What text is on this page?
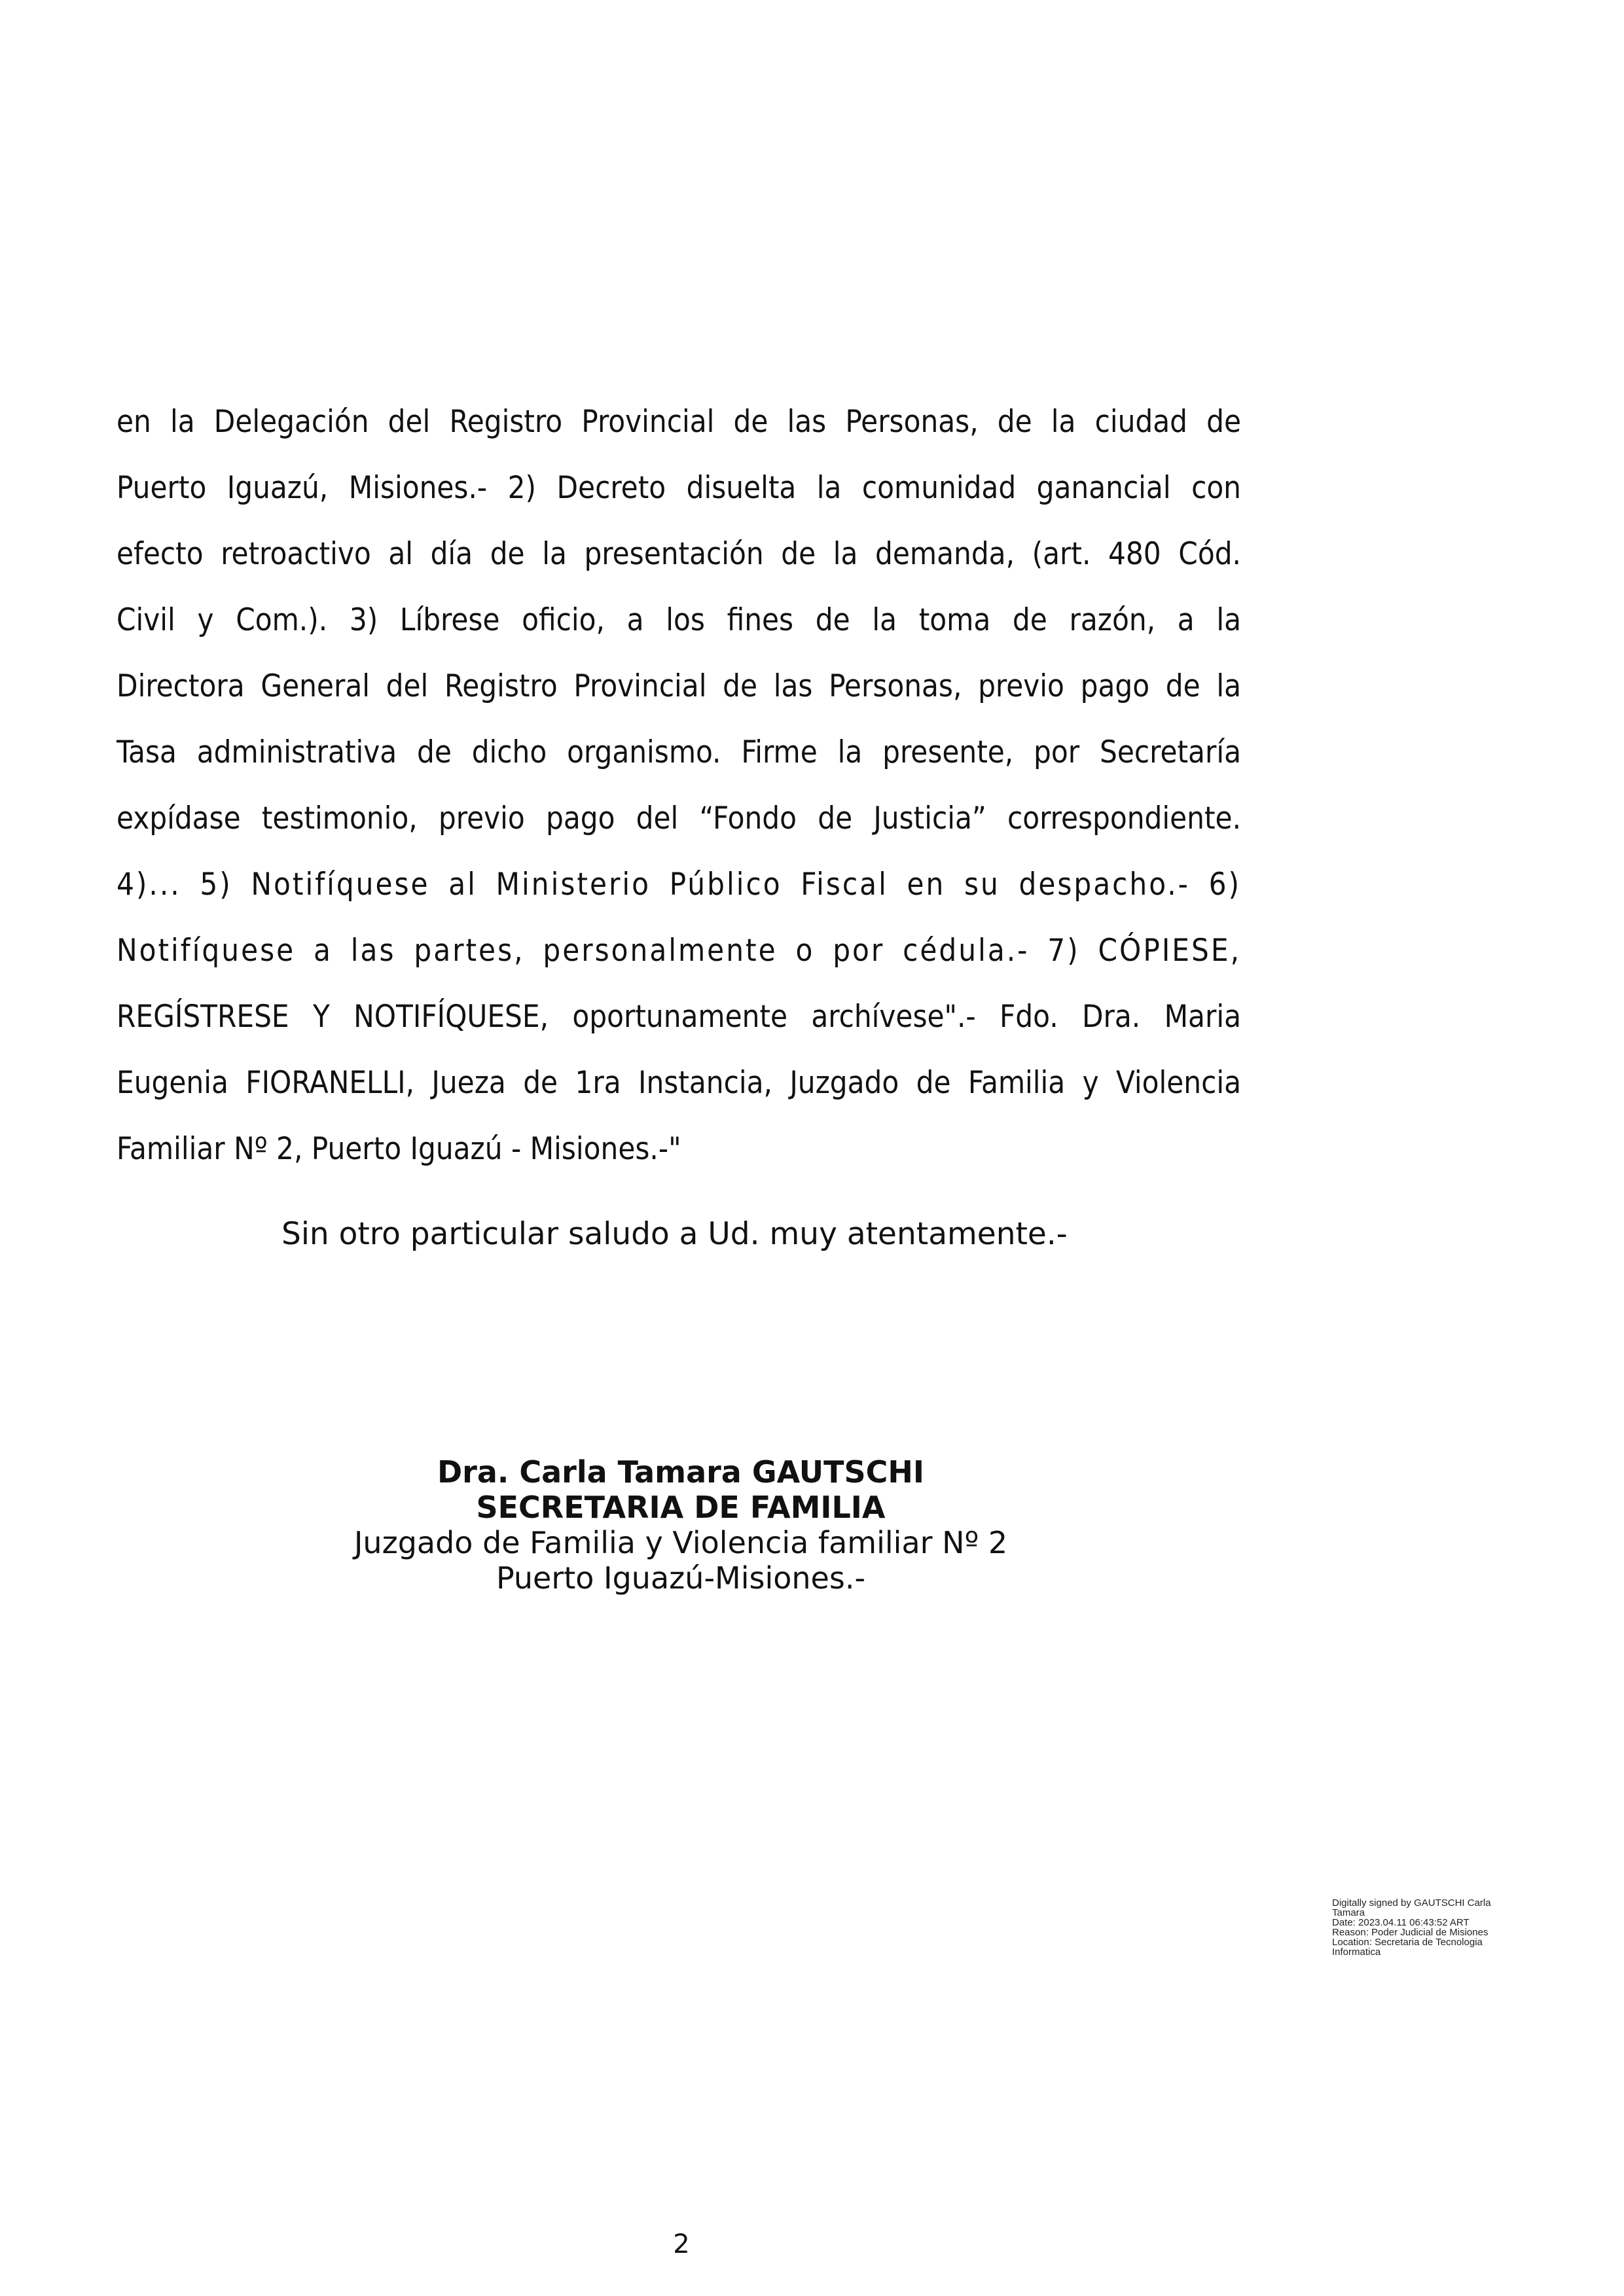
en la Delegación del Registro Provincial de las Personas, de la ciudad de
Puerto Iguazú, Misiones.- 2) Decreto disuelta la comunidad ganancial con
efecto retroactivo al día de la presentación de la demanda, (art. 480 Cód.
Civil y Com.). 3) Líbrese oficio, a los fines de la toma de razón, a la
Directora General del Registro Provincial de las Personas, previo pago de la
Tasa administrativa de dicho organismo. Firme la presente, por Secretaría
expídase testimonio, previo pago del “Fondo de Justicia” correspondiente.
4)... 5) Notifíquese al Ministerio Público Fiscal en su despacho.- 6)
Notifíquese a las partes, personalmente o por cédula.- 7) CÓPIESE,
REGÍSTRESE Y NOTIFÍQUESE, oportunamente archívese".- Fdo. Dra. Maria
Eugenia FIORANELLI, Jueza de 1ra Instancia, Juzgado de Familia y Violencia
Familiar Nº 2, Puerto Iguazú - Misiones.-"
Sin otro particular saludo a Ud. muy atentamente.-
Dra. Carla Tamara GAUTSCHI
SECRETARIA DE FAMILIA
Juzgado de Familia y Violencia familiar Nº 2
Puerto Iguazú-Misiones.-
Digitally signed by GAUTSCHI Carla
Tamara
Date: 2023.04.11 06:43:52 ART
Reason: Poder Judicial de Misiones
Location: Secretaria de Tecnologia
Informatica
2
